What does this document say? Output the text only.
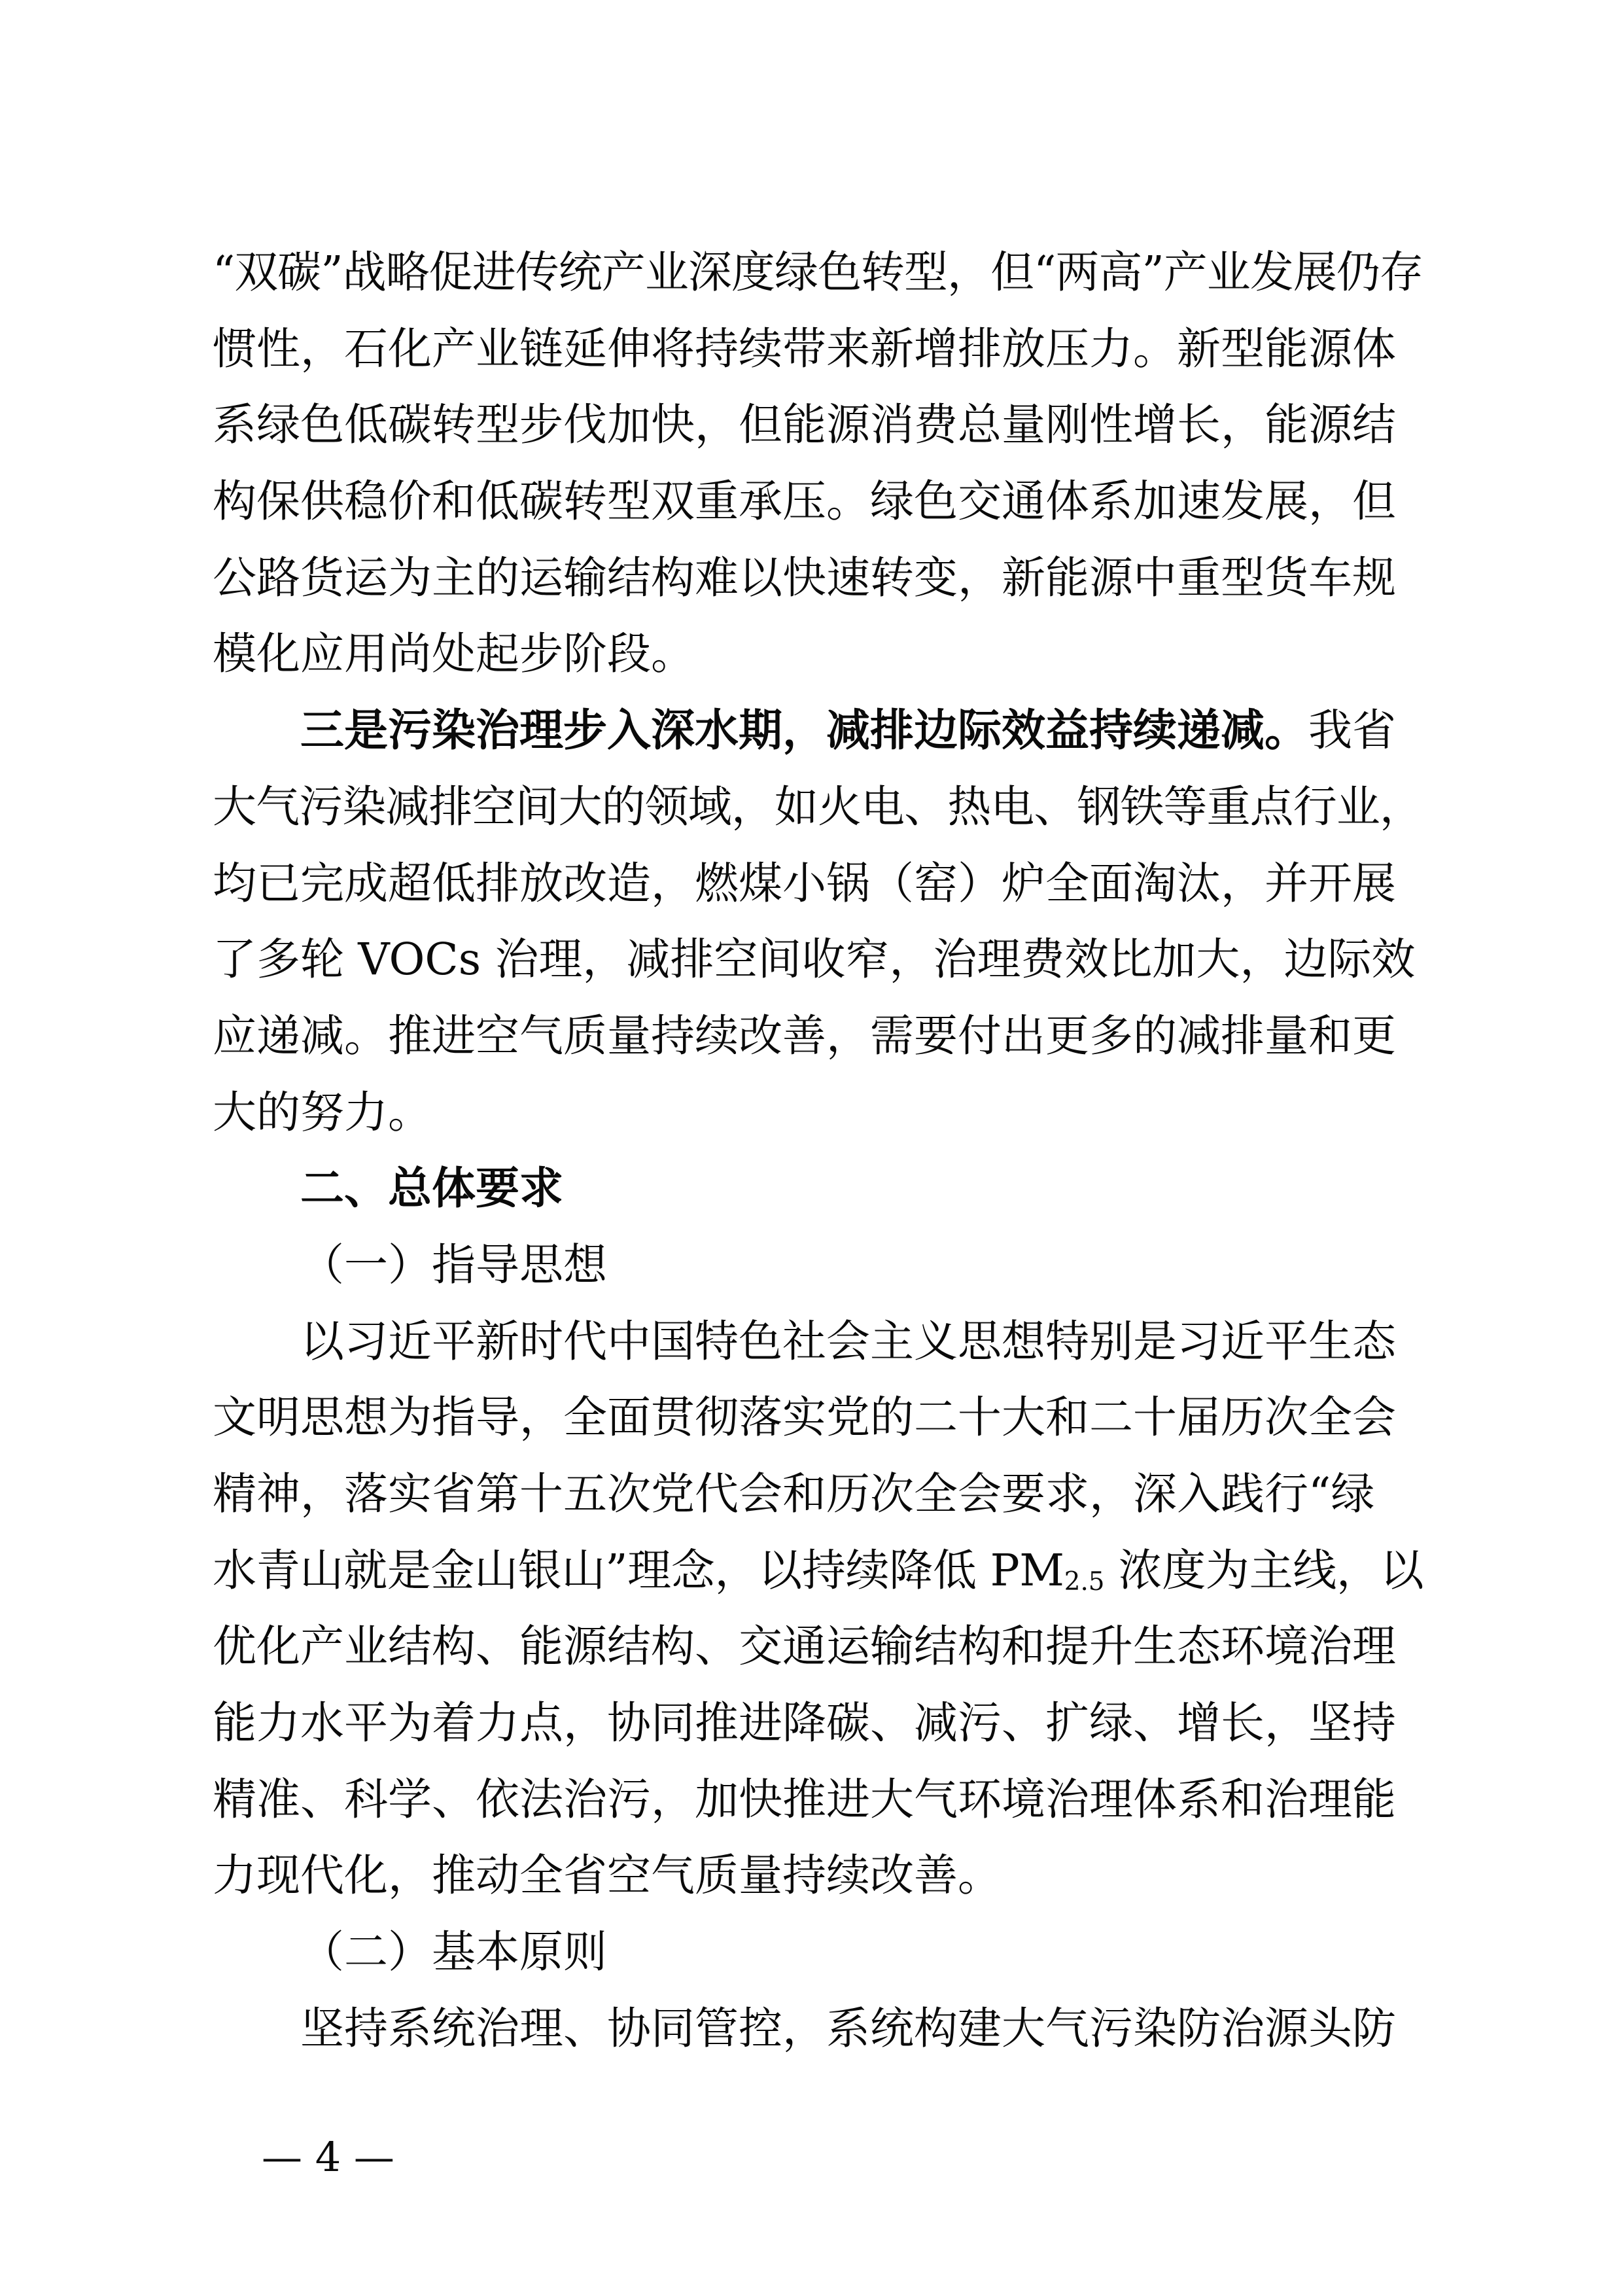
“双碳”战略促进传统产业深度绿色转型，但“两高”产业发展仍存
惯性，石化产业链延伸将持续带来新增排放压力。新型能源体
系绿色低碳转型步伐加快，但能源消费总量刚性增长，能源结
构保供稳价和低碳转型双重承压。绿色交通体系加速发展，但
公路货运为主的运输结构难以快速转变，新能源中重型货车规
模化应用尚处起步阶段。
三是污染治理步入深水期，减排边际效益持续递减。我省
大气污染减排空间大的领域，如火电、热电、钢铁等重点行业，
均已完成超低排放改造，燃煤小锅（窑）炉全面淘汰，并开展
了多轮 VOCs 治理，减排空间收窄，治理费效比加大，边际效
应递减。推进空气质量持续改善，需要付出更多的减排量和更
大的努力。
二、总体要求
（一）指导思想
以习近平新时代中国特色社会主义思想特别是习近平生态
文明思想为指导，全面贯彻落实党的二十大和二十届历次全会
精神，落实省第十五次党代会和历次全会要求，深入践行“绿
水青山就是金山银山”理念，以持续降低 $PM_{2.5}$ 浓度为主线，以
优化产业结构、能源结构、交通运输结构和提升生态环境治理
能力水平为着力点，协同推进降碳、减污、扩绿、增长，坚持
精准、科学、依法治污，加快推进大气环境治理体系和治理能
力现代化，推动全省空气质量持续改善。
（二）基本原则
坚持系统治理、协同管控，系统构建大气污染防治源头防
— 4 —
